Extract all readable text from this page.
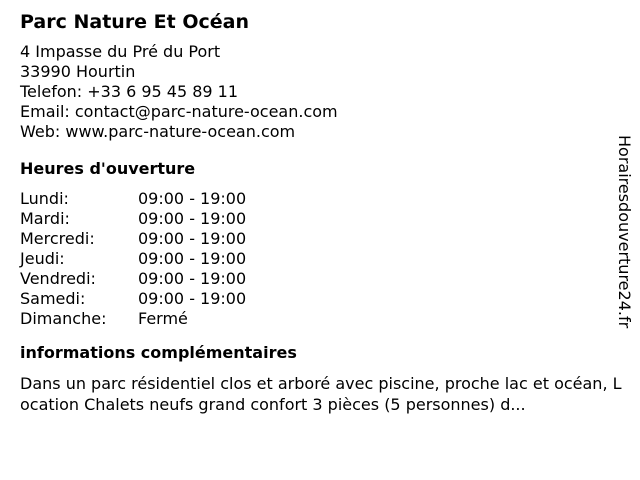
Parc Nature Et Océan
4 Impasse du Pré du Port
33990 Hourtin
Telefon: +33 6 95 45 89 11
Email: contact@parc-nature-ocean.com
Web: www.parc-nature-ocean.com
Heures d'ouverture
Lundi:	09:00 - 19:00
Mardi:	09:00 - 19:00
Mercredi:	09:00 - 19:00
Jeudi:	09:00 - 19:00
Vendredi:	09:00 - 19:00
Samedi:	09:00 - 19:00
Dimanche:	Fermé
informations complémentaires
Dans un parc résidentiel clos et arboré avec piscine, proche lac et océan, Location Chalets neufs grand confort 3 pièces (5 personnes) d...
Horairesdouverture24.fr
